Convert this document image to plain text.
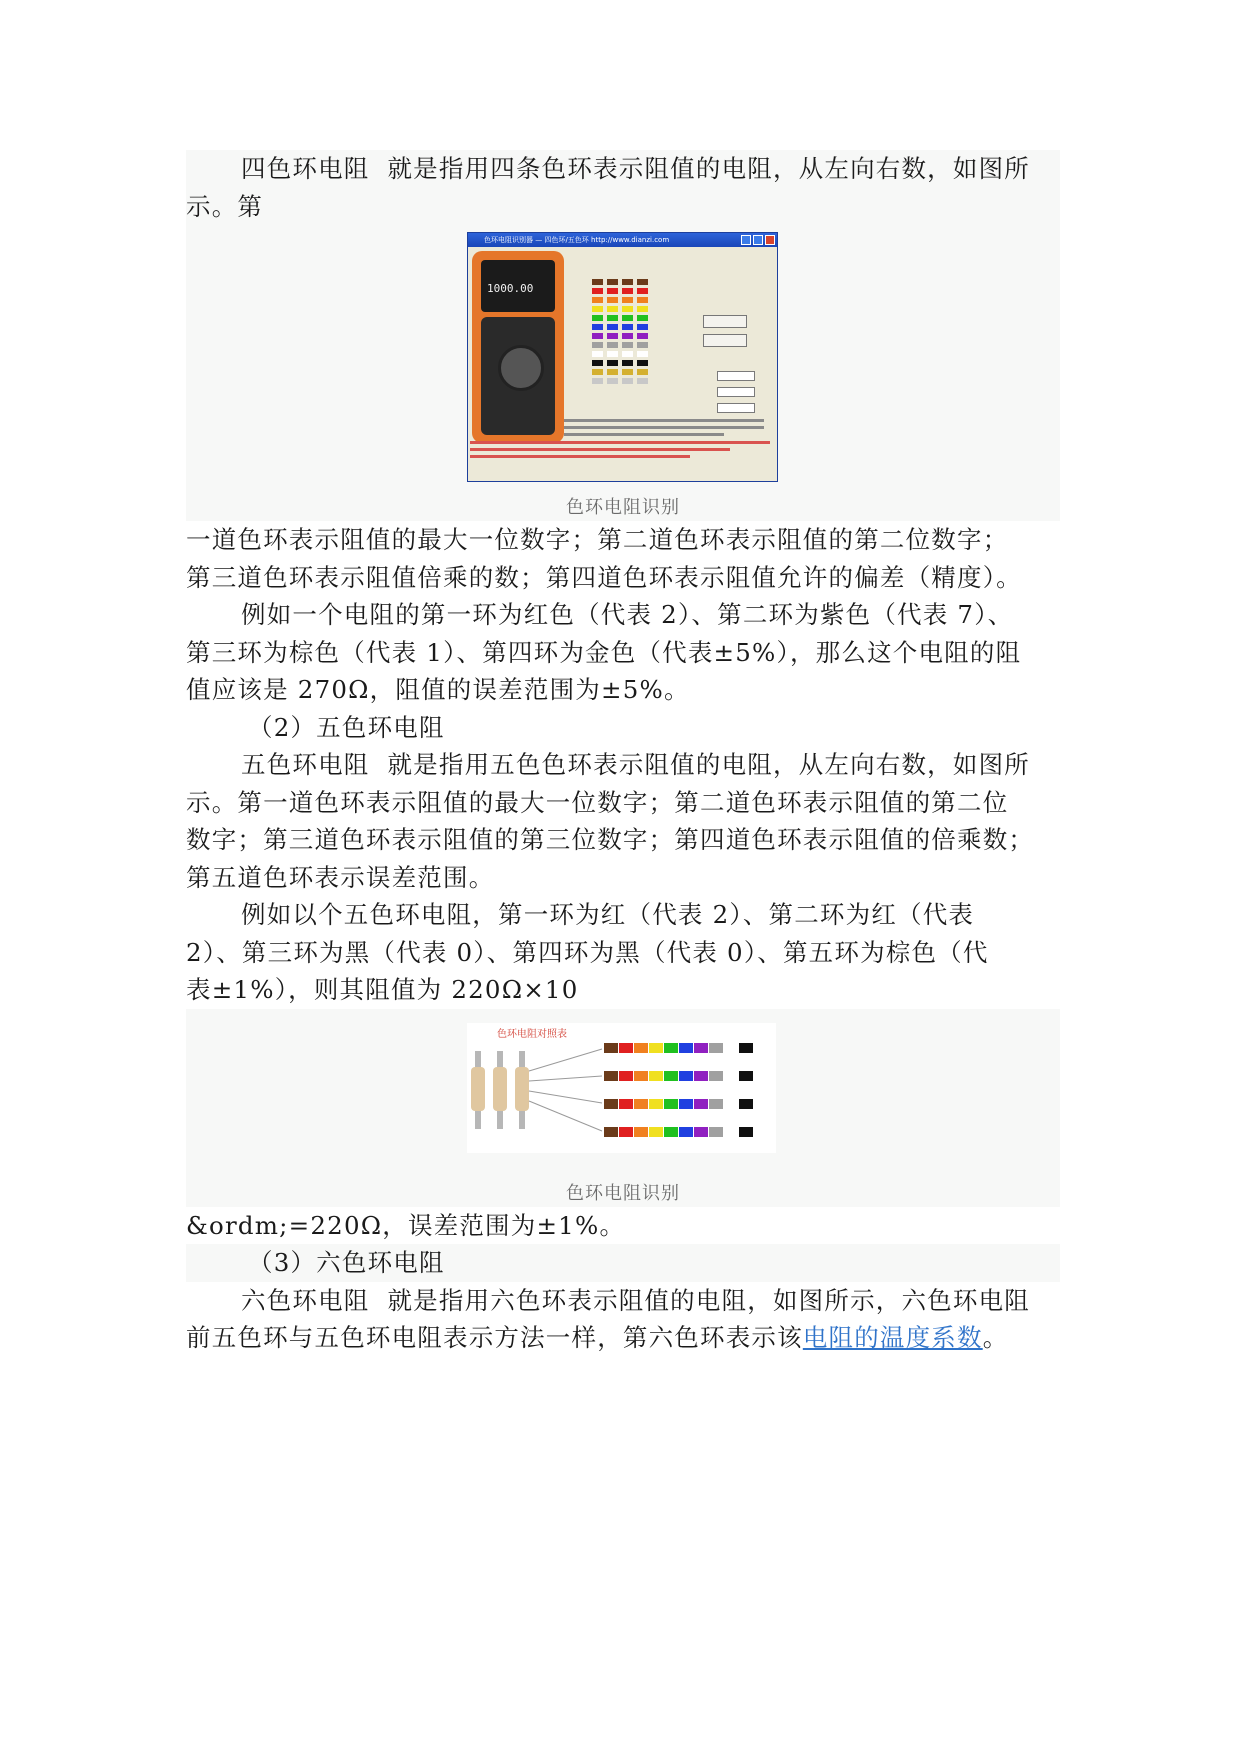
四色环电阻 就是指用四条色环表示阻值的电阻，从左向右数，如图所
示。第
色环电阻识别器 — 四色环/五色环 http://www.dianzi.com
1000.00
色环电阻识别
一道色环表示阻值的最大一位数字；第二道色环表示阻值的第二位数字；
第三道色环表示阻值倍乘的数；第四道色环表示阻值允许的偏差（精度）。
例如一个电阻的第一环为红色（代表 2）、第二环为紫色（代表 7）、
第三环为棕色（代表 1）、第四环为金色（代表±5%），那么这个电阻的阻
值应该是 270Ω，阻值的误差范围为±5%。
（2）五色环电阻
五色环电阻 就是指用五色色环表示阻值的电阻，从左向右数，如图所
示。第一道色环表示阻值的最大一位数字；第二道色环表示阻值的第二位
数字；第三道色环表示阻值的第三位数字；第四道色环表示阻值的倍乘数；
第五道色环表示误差范围。
例如以个五色环电阻，第一环为红（代表 2）、第二环为红（代表
2）、第三环为黑（代表 0）、第四环为黑（代表 0）、第五环为棕色（代
表±1%），则其阻值为 220Ω×10
色环电阻对照表
色环电阻识别
&ordm;=220Ω，误差范围为±1%。
（3）六色环电阻
六色环电阻 就是指用六色环表示阻值的电阻，如图所示，六色环电阻
前五色环与五色环电阻表示方法一样，第六色环表示该电阻的温度系数。
